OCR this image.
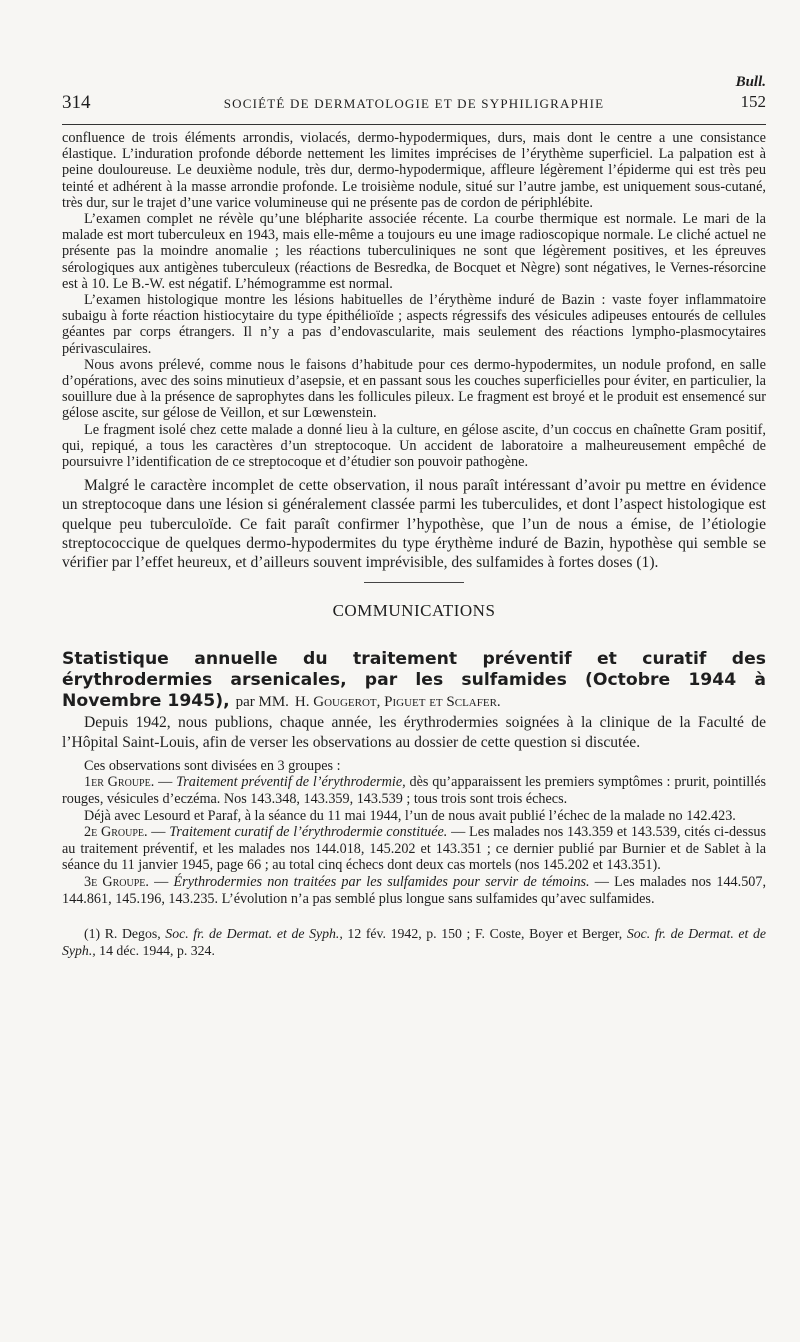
Bull.
314	SOCIÉTÉ DE DERMATOLOGIE ET DE SYPHILIGRAPHIE	152

confluence de trois éléments arrondis, violacés, dermo-hypodermiques, durs, mais dont le centre a une consistance élastique. L’induration profonde déborde nettement les limites imprécises de l’érythème superficiel. La palpation est à peine douloureuse. Le deuxième nodule, très dur, dermo-hypodermique, affleure légèrement l’épiderme qui est très peu teinté et adhérent à la masse arrondie profonde. Le troisième nodule, situé sur l’autre jambe, est uniquement sous-cutané, très dur, sur le trajet d’une varice volumineuse qui ne présente pas de cordon de périphlébite.

L’examen complet ne révèle qu’une blépharite associée récente. La courbe thermique est normale. Le mari de la malade est mort tuberculeux en 1943, mais elle-même a toujours eu une image radioscopique normale. Le cliché actuel ne présente pas la moindre anomalie ; les réactions tuberculiniques ne sont que légèrement positives, et les épreuves sérologiques aux antigènes tuberculeux (réactions de Besredka, de Bocquet et Nègre) sont négatives, le Vernes-résorcine est à 10. Le B.-W. est négatif. L’hémogramme est normal.

L’examen histologique montre les lésions habituelles de l’érythème induré de Bazin : vaste foyer inflammatoire subaigu à forte réaction histiocytaire du type épithélioïde ; aspects régressifs des vésicules adipeuses entourés de cellules géantes par corps étrangers. Il n’y a pas d’endovascularite, mais seulement des réactions lympho-plasmocytaires périvasculaires.

Nous avons prélevé, comme nous le faisons d’habitude pour ces dermo-hypodermites, un nodule profond, en salle d’opérations, avec des soins minutieux d’asepsie, et en passant sous les couches superficielles pour éviter, en particulier, la souillure due à la présence de saprophytes dans les follicules pileux. Le fragment est broyé et le produit est ensemencé sur gélose ascite, sur gélose de Veillon, et sur Lœwenstein.

Le fragment isolé chez cette malade a donné lieu à la culture, en gélose ascite, d’un coccus en chaînette Gram positif, qui, repiqué, a tous les caractères d’un streptocoque. Un accident de laboratoire a malheureusement empêché de poursuivre l’identification de ce streptocoque et d’étudier son pouvoir pathogène.

Malgré le caractère incomplet de cette observation, il nous paraît intéressant d’avoir pu mettre en évidence un streptocoque dans une lésion si généralement classée parmi les tuberculides, et dont l’aspect histologique est quelque peu tuberculoïde. Ce fait paraît confirmer l’hypothèse, que l’un de nous a émise, de l’étiologie streptococcique de quelques dermo-hypodermites du type érythème induré de Bazin, hypothèse qui semble se vérifier par l’effet heureux, et d’ailleurs souvent imprévisible, des sulfamides à fortes doses (1).

COMMUNICATIONS

Statistique annuelle du traitement préventif et curatif des érythrodermies arsenicales, par les sulfamides (Octobre 1944 à Novembre 1945), par MM. H. Gougerot, Piguet et Sclafer.

Depuis 1942, nous publions, chaque année, les érythrodermies soignées à la clinique de la Faculté de l’Hôpital Saint-Louis, afin de verser les observations au dossier de cette question si discutée.

Ces observations sont divisées en 3 groupes :

1er Groupe. — Traitement préventif de l’érythrodermie, dès qu’apparaissent les premiers symptômes : prurit, pointillés rouges, vésicules d’eczéma. Nos 143.348, 143.359, 143.539 ; tous trois sont trois échecs.

Déjà avec Lesourd et Paraf, à la séance du 11 mai 1944, l’un de nous avait publié l’échec de la malade no 142.423.

2e Groupe. — Traitement curatif de l’érythrodermie constituée. — Les malades nos 143.359 et 143.539, cités ci-dessus au traitement préventif, et les malades nos 144.018, 145.202 et 143.351 ; ce dernier publié par Burnier et de Sablet à la séance du 11 janvier 1945, page 66 ; au total cinq échecs dont deux cas mortels (nos 145.202 et 143.351).

3e Groupe. — Érythrodermies non traitées par les sulfamides pour servir de témoins. — Les malades nos 144.507, 144.861, 145.196, 143.235. L’évolution n’a pas semblé plus longue sans sulfamides qu’avec sulfamides.

(1) R. Degos, Soc. fr. de Dermat. et de Syph., 12 fév. 1942, p. 150 ; F. Coste, Boyer et Berger, Soc. fr. de Dermat. et de Syph., 14 déc. 1944, p. 324.
